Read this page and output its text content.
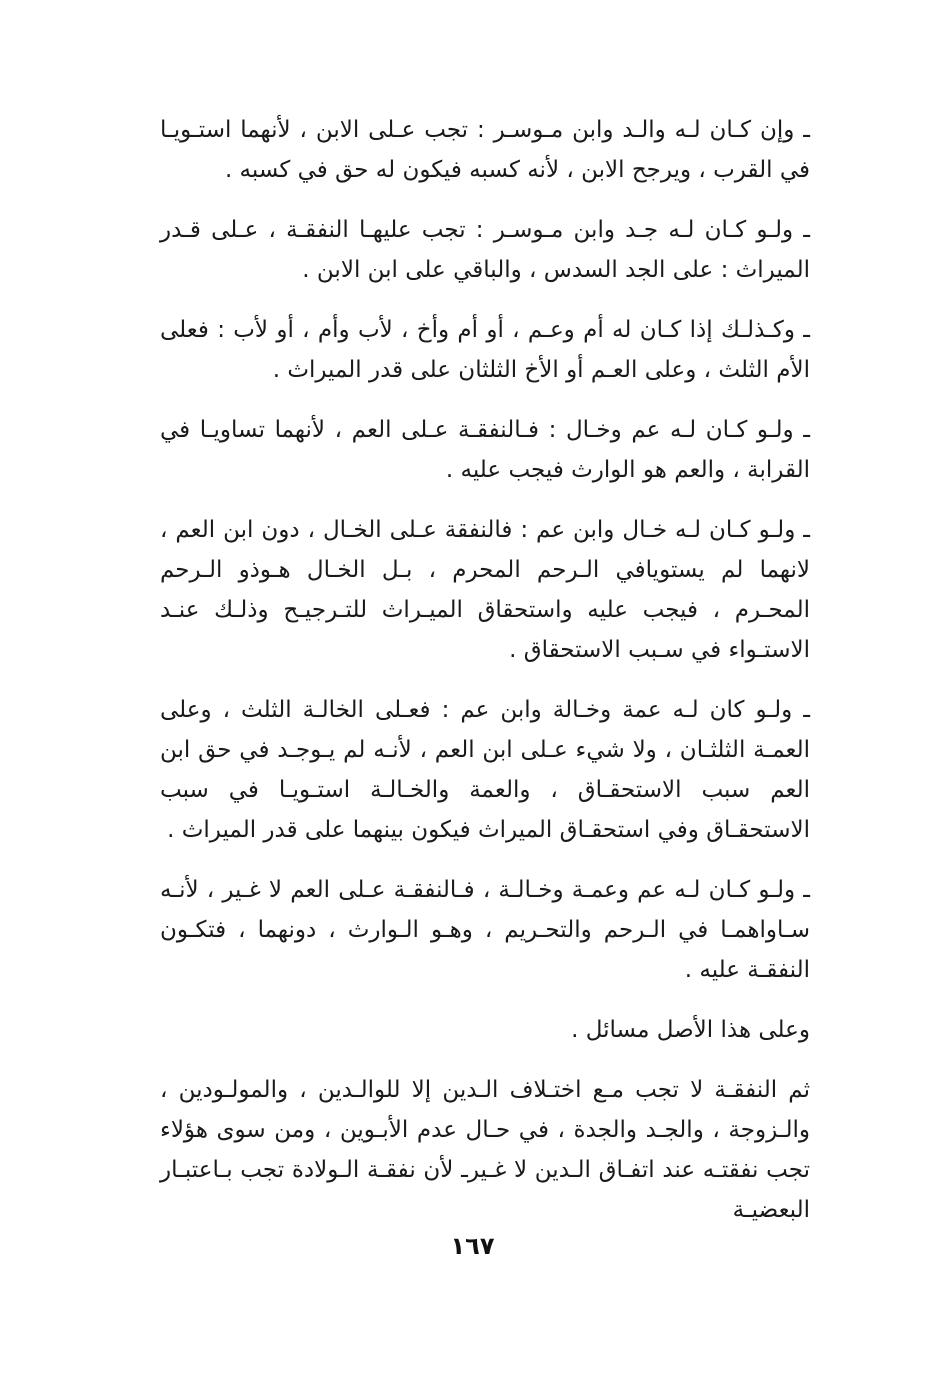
ـ وإن كـان لـه والـد وابن مـوسـر : تجب عـلى الابن ، لأنهما استـويـا في القرب ، ويرجح الابن ، لأنه كسبه فيكون له حق في كسبه .

ـ ولـو كـان لـه جـد وابن مـوسـر : تجب عليهـا النفقـة ، عـلى قـدر الميراث : على الجد السدس ، والباقي على ابن الابن .

ـ وكـذلـك إذا كـان له أم وعـم ، أو أم وأخ ، لأب وأم ، أو لأب : فعلى الأم الثلث ، وعلى العـم أو الأخ الثلثان على قدر الميراث .

ـ ولـو كـان لـه عم وخـال : فـالنفقـة عـلى العم ، لأنهما تساويـا في القرابة ، والعم هو الوارث فيجب عليه .

ـ ولـو كـان لـه خـال وابن عم : فالنفقة عـلى الخـال ، دون ابن العم ، لانهما لم يستويافي الـرحم المحرم ، بـل الخـال هـوذو الـرحم المحـرم ، فيجب عليه واستحقاق الميـراث للتـرجيـح وذلـك عنـد الاستـواء في سـبب الاستحقاق .

ـ ولـو كان لـه عمة وخـالة وابن عم : فعـلى الخالـة الثلث ، وعلى العمـة الثلثـان ، ولا شيء عـلى ابن العم ، لأنـه لم يـوجـد في حق ابن العم سبب الاستحقـاق ، والعمة والخـالـة استـويـا في سبب الاستحقـاق وفي استحقـاق الميراث فيكون بينهما على قدر الميراث .

ـ ولـو كـان لـه عم وعمـة وخـالـة ، فـالنفقـة عـلى العم لا غـير ، لأنـه سـاواهمـا في الـرحم والتحـريم ، وهـو الـوارث ، دونهما ، فتكـون النفقـة عليه .

وعلى هذا الأصل مسائل .

ثم النفقـة لا تجب مـع اختـلاف الـدين إلا للوالـدين ، والمولـودين ، والـزوجة ، والجـد والجدة ، في حـال عدم الأبـوين ، ومن سوى هؤلاء تجب نفقتـه عند اتفـاق الـدين لا غـيرـ لأن نفقـة الـولادة تجب بـاعتبـار البعضيـة

١٦٧
